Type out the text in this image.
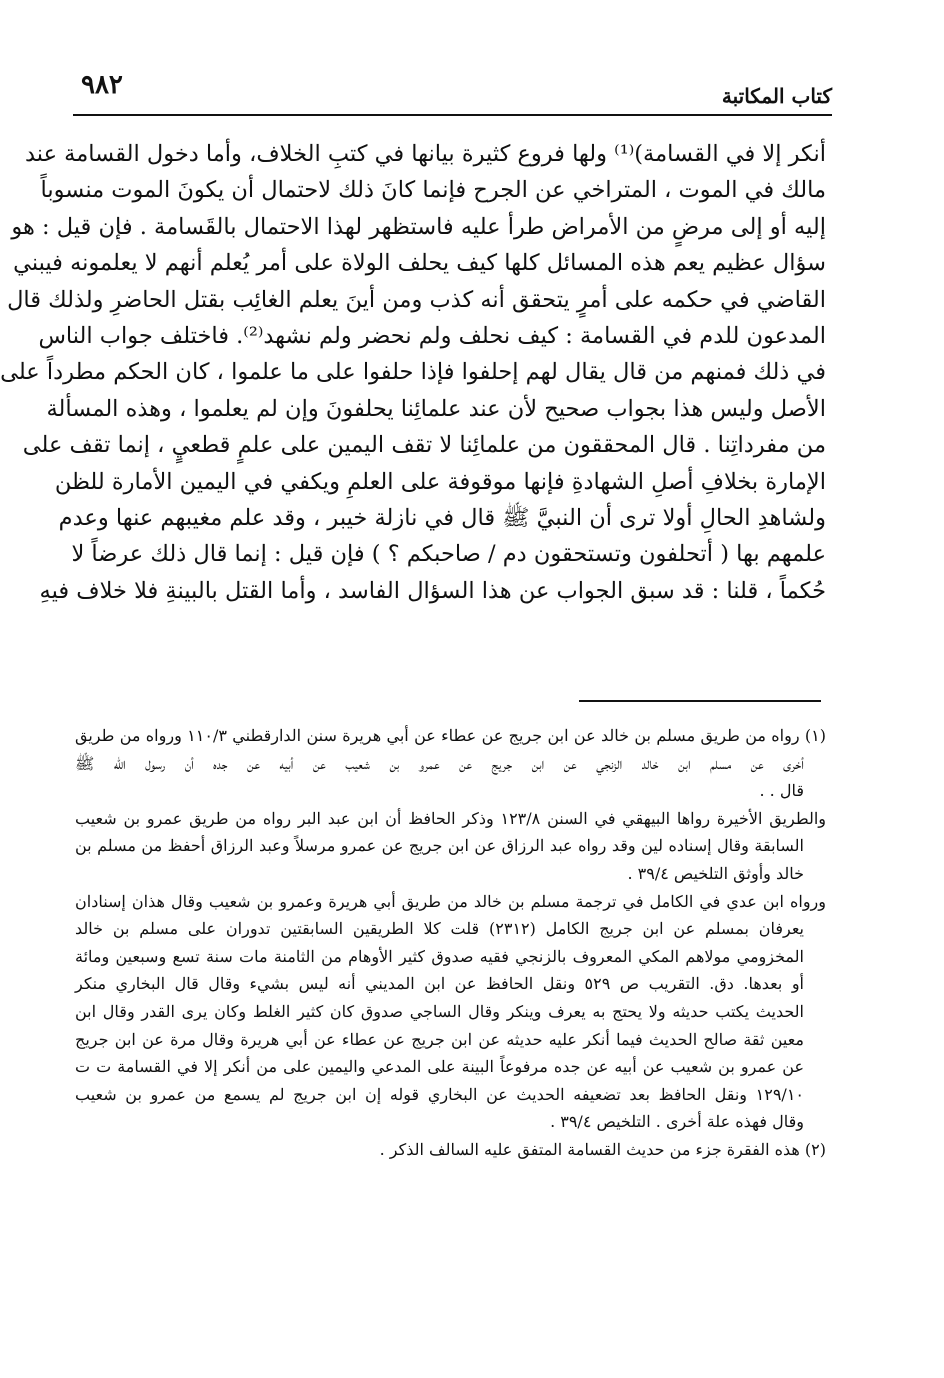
كتاب المكاتبة
٩٨٢
أنكر إلا في القسامة)⁽¹⁾ ولها فروع كثيرة بيانها في كتبِ الخلاف، وأما دخول القسامة عند
مالك في الموت ، المتراخي عن الجرح فإنما كانَ ذلك لاحتمال أن يكونَ الموت منسوباً
إليه أو إلى مرضٍ من الأمراض طرأ عليه فاستظهر لهذا الاحتمال بالقَسامة . فإن قيل : هو
سؤال عظيم يعم هذه المسائل كلها كيف يحلف الولاة على أمر يُعلم أنهم لا يعلمونه فيبني
القاضي في حكمه على أمرٍ يتحقق أنه كذب ومن أينَ يعلم الغائِب بقتل الحاضرِ ولذلك قال
المدعون للدم في القسامة : كيف نحلف ولم نحضر ولم نشهد⁽²⁾. فاختلف جواب الناس
في ذلك فمنهم من قال يقال لهم إحلفوا فإذا حلفوا على ما علموا ، كان الحكم مطرداً على
الأصل وليس هذا بجواب صحيح لأن عند علمائِنا يحلفونَ وإن لم يعلموا ، وهذه المسألة
من مفرداتِنا . قال المحققون من علمائِنا لا تقف اليمين على علمٍ قطعيٍ ، إنما تقف على
الإمارة بخلافِ أصلِ الشهادةِ فإنها موقوفة على العلمِ ويكفي في اليمين الأمارة للظن
ولشاهدِ الحالِ أولا ترى أن النبيَّ ﷺ قال في نازلة خيبر ، وقد علم مغيبهم عنها وعدم
علمهم بها ( أتحلفون وتستحقون دم / صاحبكم ؟ ) فإن قيل : إنما قال ذلك عرضاً لا
حُكماً ، قلنا : قد سبق الجواب عن هذا السؤال الفاسد ، وأما القتل بالبينةِ فلا خلاف فيهِ
(١) رواه من طريق مسلم بن خالد عن ابن جريج عن عطاء عن أبي هريرة سنن الدارقطني ١١٠/٣ ورواه من طريق
أخرى عن مسلم ابن خالد الزنجي عن ابن جريج عن عمرو بن شعيب عن أبيه عن جده أن رسول الله ﷺ
قال . .
والطريق الأخيرة رواها البيهقي في السنن ١٢٣/٨ وذكر الحافظ أن ابن عبد البر رواه من طريق عمرو بن شعيب
السابقة وقال إسناده لين وقد رواه عبد الرزاق عن ابن جريج عن عمرو مرسلاً وعبد الرزاق أحفظ من مسلم بن
خالد وأوثق التلخيص ٣٩/٤ .
ورواه ابن عدي في الكامل في ترجمة مسلم بن خالد من طريق أبي هريرة وعمرو بن شعيب وقال هذان إسنادان
يعرفان بمسلم عن ابن جريج الكامل (٢٣١٢) قلت كلا الطريقين السابقتين تدوران على مسلم بن خالد
المخزومي مولاهم المكي المعروف بالزنجي فقيه صدوق كثير الأوهام من الثامنة مات سنة تسع وسبعين ومائة
أو بعدها. دق. التقريب ص ٥٢٩ ونقل الحافظ عن ابن المديني أنه ليس بشيء وقال قال البخاري منكر
الحديث يكتب حديثه ولا يحتج به يعرف وينكر وقال الساجي صدوق كان كثير الغلط وكان يرى القدر وقال ابن
معين ثقة صالح الحديث فيما أنكر عليه حديثه عن ابن جريج عن عطاء عن أبي هريرة وقال مرة عن ابن جريج
عن عمرو بن شعيب عن أبيه عن جده مرفوعاً البينة على المدعي واليمين على من أنكر إلا في القسامة ت ت
١٢٩/١٠ ونقل الحافظ بعد تضعيفه الحديث عن البخاري قوله إن ابن جريج لم يسمع من عمرو بن شعيب
وقال فهذه علة أخرى . التلخيص ٣٩/٤ .
(٢) هذه الفقرة جزء من حديث القسامة المتفق عليه السالف الذكر .
